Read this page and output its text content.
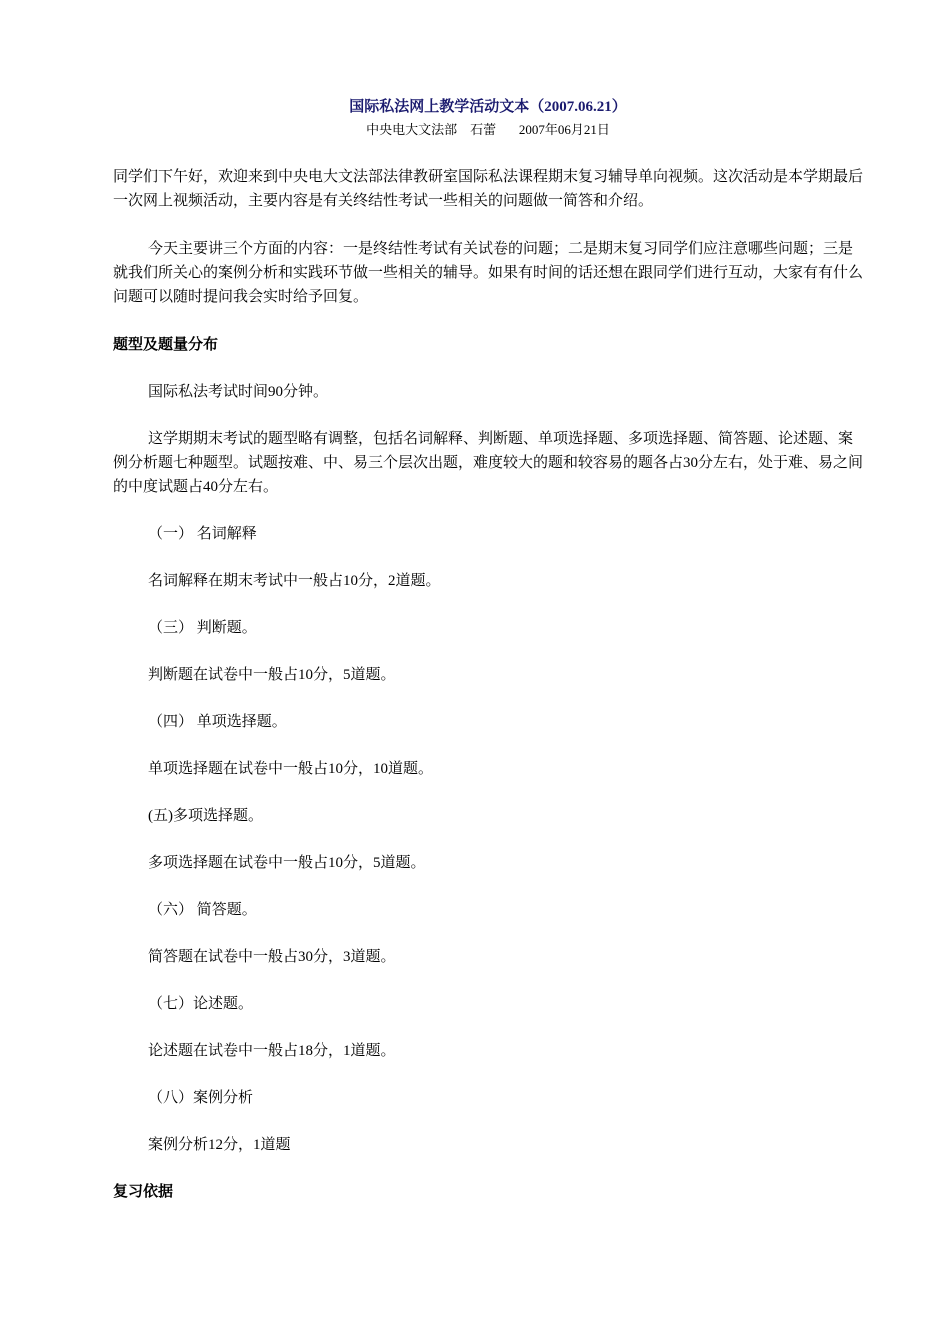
国际私法网上教学活动文本（2007.06.21）

中央电大文法部    石蕾       2007年06月21日

同学们下午好，欢迎来到中央电大文法部法律教研室国际私法课程期末复习辅导单向视频。这次活动是本学期最后一次网上视频活动，主要内容是有关终结性考试一些相关的问题做一简答和介绍。

今天主要讲三个方面的内容：一是终结性考试有关试卷的问题；二是期末复习同学们应注意哪些问题；三是就我们所关心的案例分析和实践环节做一些相关的辅导。如果有时间的话还想在跟同学们进行互动，大家有有什么问题可以随时提问我会实时给予回复。

题型及题量分布

国际私法考试时间90分钟。

这学期期末考试的题型略有调整，包括名词解释、判断题、单项选择题、多项选择题、简答题、论述题、案例分析题七种题型。试题按难、中、易三个层次出题，难度较大的题和较容易的题各占30分左右，处于难、易之间的中度试题占40分左右。

（一） 名词解释

名词解释在期末考试中一般占10分，2道题。

（三） 判断题。

判断题在试卷中一般占10分，5道题。

（四） 单项选择题。

单项选择题在试卷中一般占10分，10道题。

(五)多项选择题。

多项选择题在试卷中一般占10分，5道题。

（六） 简答题。

简答题在试卷中一般占30分，3道题。

（七）论述题。

论述题在试卷中一般占18分，1道题。

（八）案例分析

案例分析12分，1道题

复习依据
